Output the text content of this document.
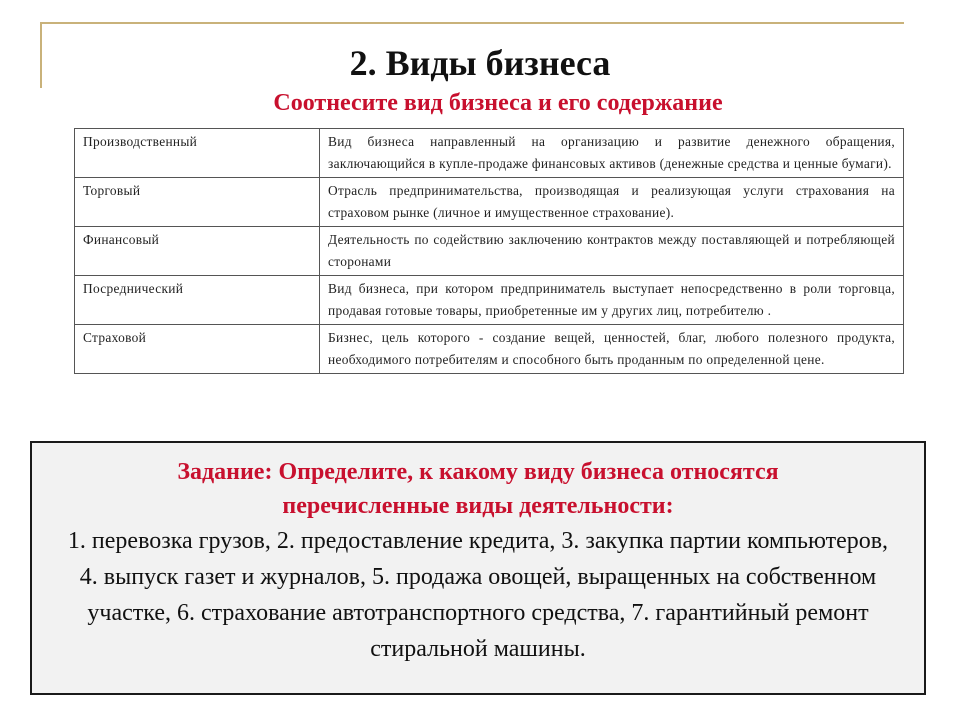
2. Виды бизнеса
Соотнесите вид бизнеса и его содержание
Производственный	Вид бизнеса направленный на организацию и развитие денежного обращения, заключающийся в купле-продаже финансовых активов (денежные средства и ценные бумаги).
Торговый	Отрасль предпринимательства, производящая и реализующая услуги страхования на страховом рынке (личное и имущественное страхование).
Финансовый	Деятельность по содействию заключению контрактов между поставляющей и потребляющей сторонами
Посреднический	Вид бизнеса, при котором предприниматель выступает непосредственно в роли торговца, продавая готовые товары, приобретенные им у других лиц, потребителю .
Страховой	Бизнес, цель которого - создание вещей, ценностей, благ, любого полезного продукта, необходимого потребителям и способного быть проданным по определенной цене.
Задание: Определите, к какому виду бизнеса относятся перечисленные виды деятельности:
1. перевозка грузов, 2. предоставление кредита, 3. закупка партии компьютеров, 4. выпуск газет и журналов, 5. продажа овощей, выращенных на собственном участке, 6. страхование автотранспортного средства, 7. гарантийный ремонт стиральной машины.
